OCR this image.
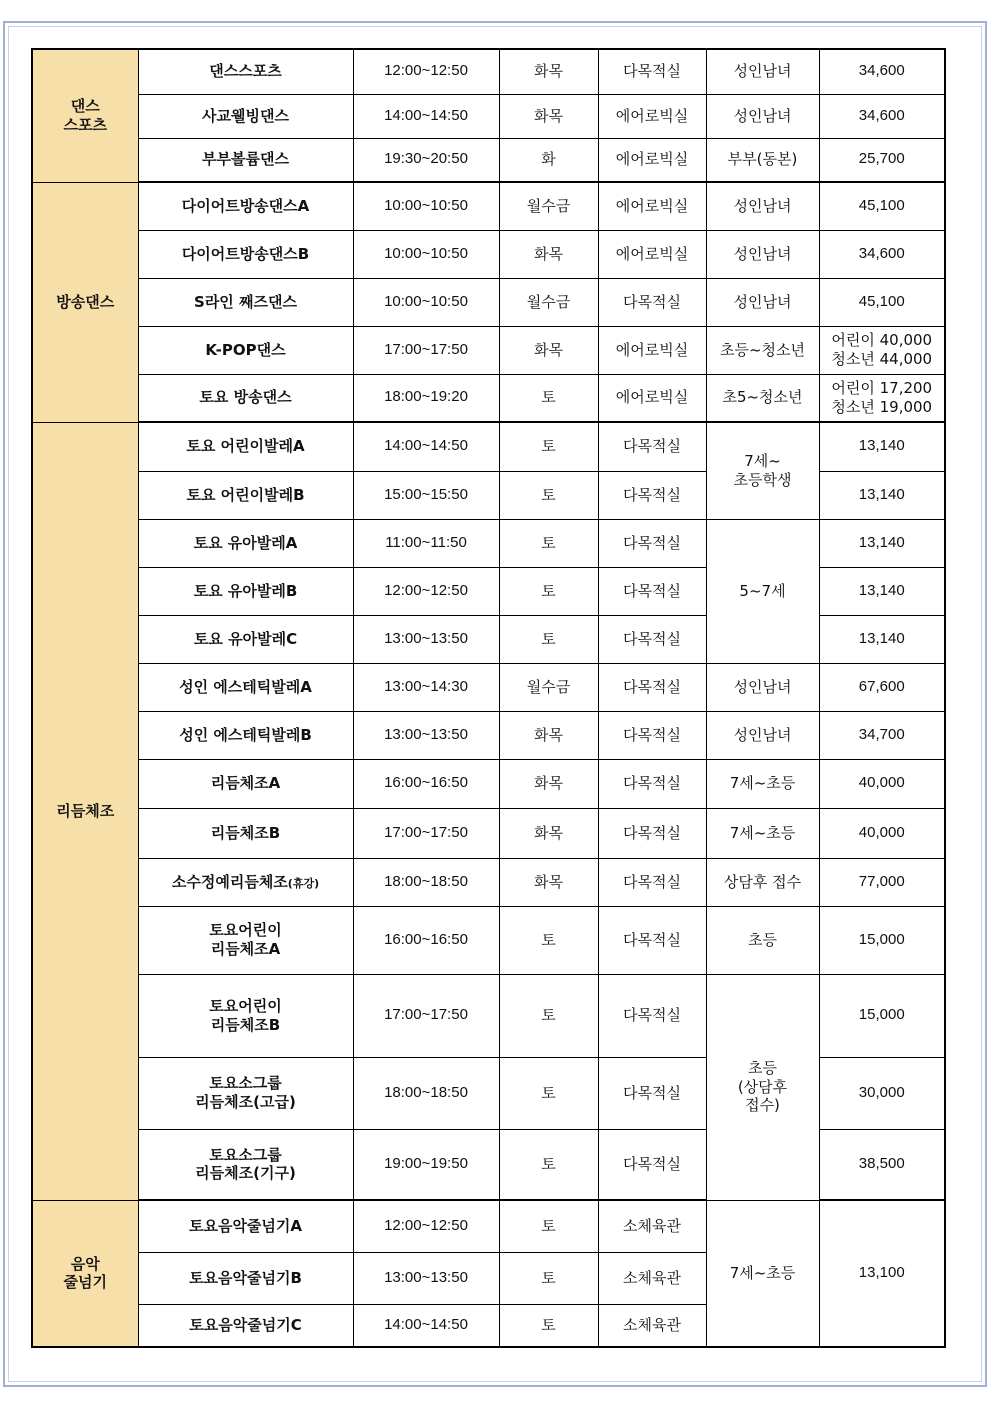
댄스
스포츠	댄스스포츠	12:00~12:50	화목	다목적실	성인남녀	34,600
	사교웰빙댄스	14:00~14:50	화목	에어로빅실	성인남녀	34,600
	부부볼륨댄스	19:30~20:50	화	에어로빅실	부부(동본)	25,700
방송댄스	다이어트방송댄스A	10:00~10:50	월수금	에어로빅실	성인남녀	45,100
	다이어트방송댄스B	10:00~10:50	화목	에어로빅실	성인남녀	34,600
	S라인 째즈댄스	10:00~10:50	월수금	다목적실	성인남녀	45,100
	K-POP댄스	17:00~17:50	화목	에어로빅실	초등~청소년	어린이 40,000
청소년 44,000
	토요 방송댄스	18:00~19:20	토	에어로빅실	초5~청소년	어린이 17,200
청소년 19,000
리듬체조	토요 어린이발레A	14:00~14:50	토	다목적실	7세~
초등학생	13,140
	토요 어린이발레B	15:00~15:50	토	다목적실		13,140
	토요 유아발레A	11:00~11:50	토	다목적실	5~7세	13,140
	토요 유아발레B	12:00~12:50	토	다목적실		13,140
	토요 유아발레C	13:00~13:50	토	다목적실		13,140
	성인 에스테틱발레A	13:00~14:30	월수금	다목적실	성인남녀	67,600
	성인 에스테틱발레B	13:00~13:50	화목	다목적실	성인남녀	34,700
	리듬체조A	16:00~16:50	화목	다목적실	7세~초등	40,000
	리듬체조B	17:00~17:50	화목	다목적실	7세~초등	40,000
	소수정예리듬체조(휴강)	18:00~18:50	화목	다목적실	상담후 접수	77,000
	토요어린이
리듬체조A	16:00~16:50	토	다목적실	초등	15,000
	토요어린이
리듬체조B	17:00~17:50	토	다목적실	초등
(상담후
접수)	15,000
	토요소그룹
리듬체조(고급)	18:00~18:50	토	다목적실		30,000
	토요소그룹
리듬체조(기구)	19:00~19:50	토	다목적실		38,500
음악
줄넘기	토요음악줄넘기A	12:00~12:50	토	소체육관	7세~초등	13,100
	토요음악줄넘기B	13:00~13:50	토	소체육관		
	토요음악줄넘기C	14:00~14:50	토	소체육관		
